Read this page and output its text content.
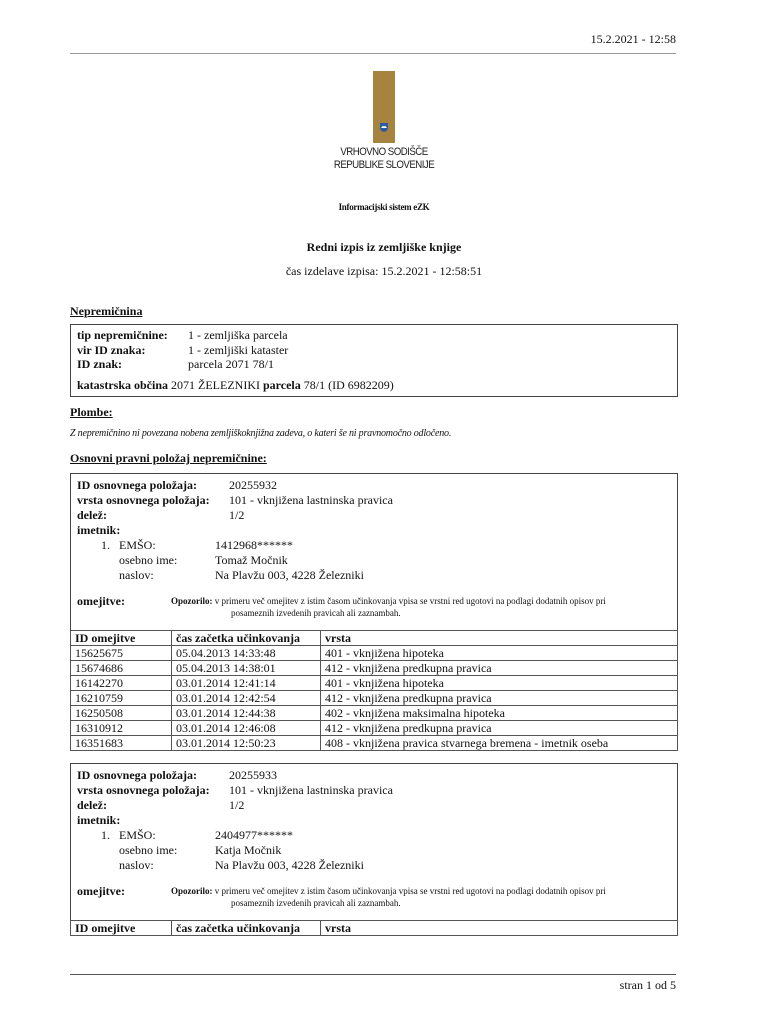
15.2.2021 - 12:58
VRHOVNO SODIŠČE
REPUBLIKE SLOVENIJE
Informacijski sistem eZK
Redni izpis iz zemljiške knjige
čas izdelave izpisa: 15.2.2021 - 12:58:51
Nepremičnina
tip nepremičnine: 1 - zemljiška parcela
vir ID znaka:	1 - zemljiški kataster
ID znak:	parcela 2071 78/1
katastrska občina 2071 ŽELEZNIKI parcela 78/1 (ID 6982209)
Plombe:
Z nepremičnino ni povezana nobena zemljiškoknjižna zadeva, o kateri še ni pravnomočno odločeno.
Osnovni pravni položaj nepremičnine:
ID osnovnega položaja:	20255932
vrsta osnovnega položaja: 101 - vknjižena lastninska pravica
delež:	1/2
imetnik:
1. EMŠO:	1412968******
osebno ime:	Tomaž Močnik
naslov:	Na Plavžu 003, 4228 Železniki
omejitve:	Opozorilo: v primeru več omejitev z istim časom učinkovanja vpisa se vrstni red ugotovi na podlagi dodatnih opisov pri
posameznih izvedenih pravicah ali zaznambah.
ID omejitve	čas začetka učinkovanja	vrsta
15625675	05.04.2013 14:33:48	401 - vknjižena hipoteka
15674686	05.04.2013 14:38:01	412 - vknjižena predkupna pravica
16142270	03.01.2014 12:41:14	401 - vknjižena hipoteka
16210759	03.01.2014 12:42:54	412 - vknjižena predkupna pravica
16250508	03.01.2014 12:44:38	402 - vknjižena maksimalna hipoteka
16310912	03.01.2014 12:46:08	412 - vknjižena predkupna pravica
16351683	03.01.2014 12:50:23	408 - vknjižena pravica stvarnega bremena - imetnik oseba
ID osnovnega položaja:	20255933
vrsta osnovnega položaja: 101 - vknjižena lastninska pravica
delež:	1/2
imetnik:
1. EMŠO:	2404977******
osebno ime:	Katja Močnik
naslov:	Na Plavžu 003, 4228 Železniki
omejitve:	Opozorilo: v primeru več omejitev z istim časom učinkovanja vpisa se vrstni red ugotovi na podlagi dodatnih opisov pri
posameznih izvedenih pravicah ali zaznambah.
ID omejitve	čas začetka učinkovanja	vrsta
stran 1 od 5
